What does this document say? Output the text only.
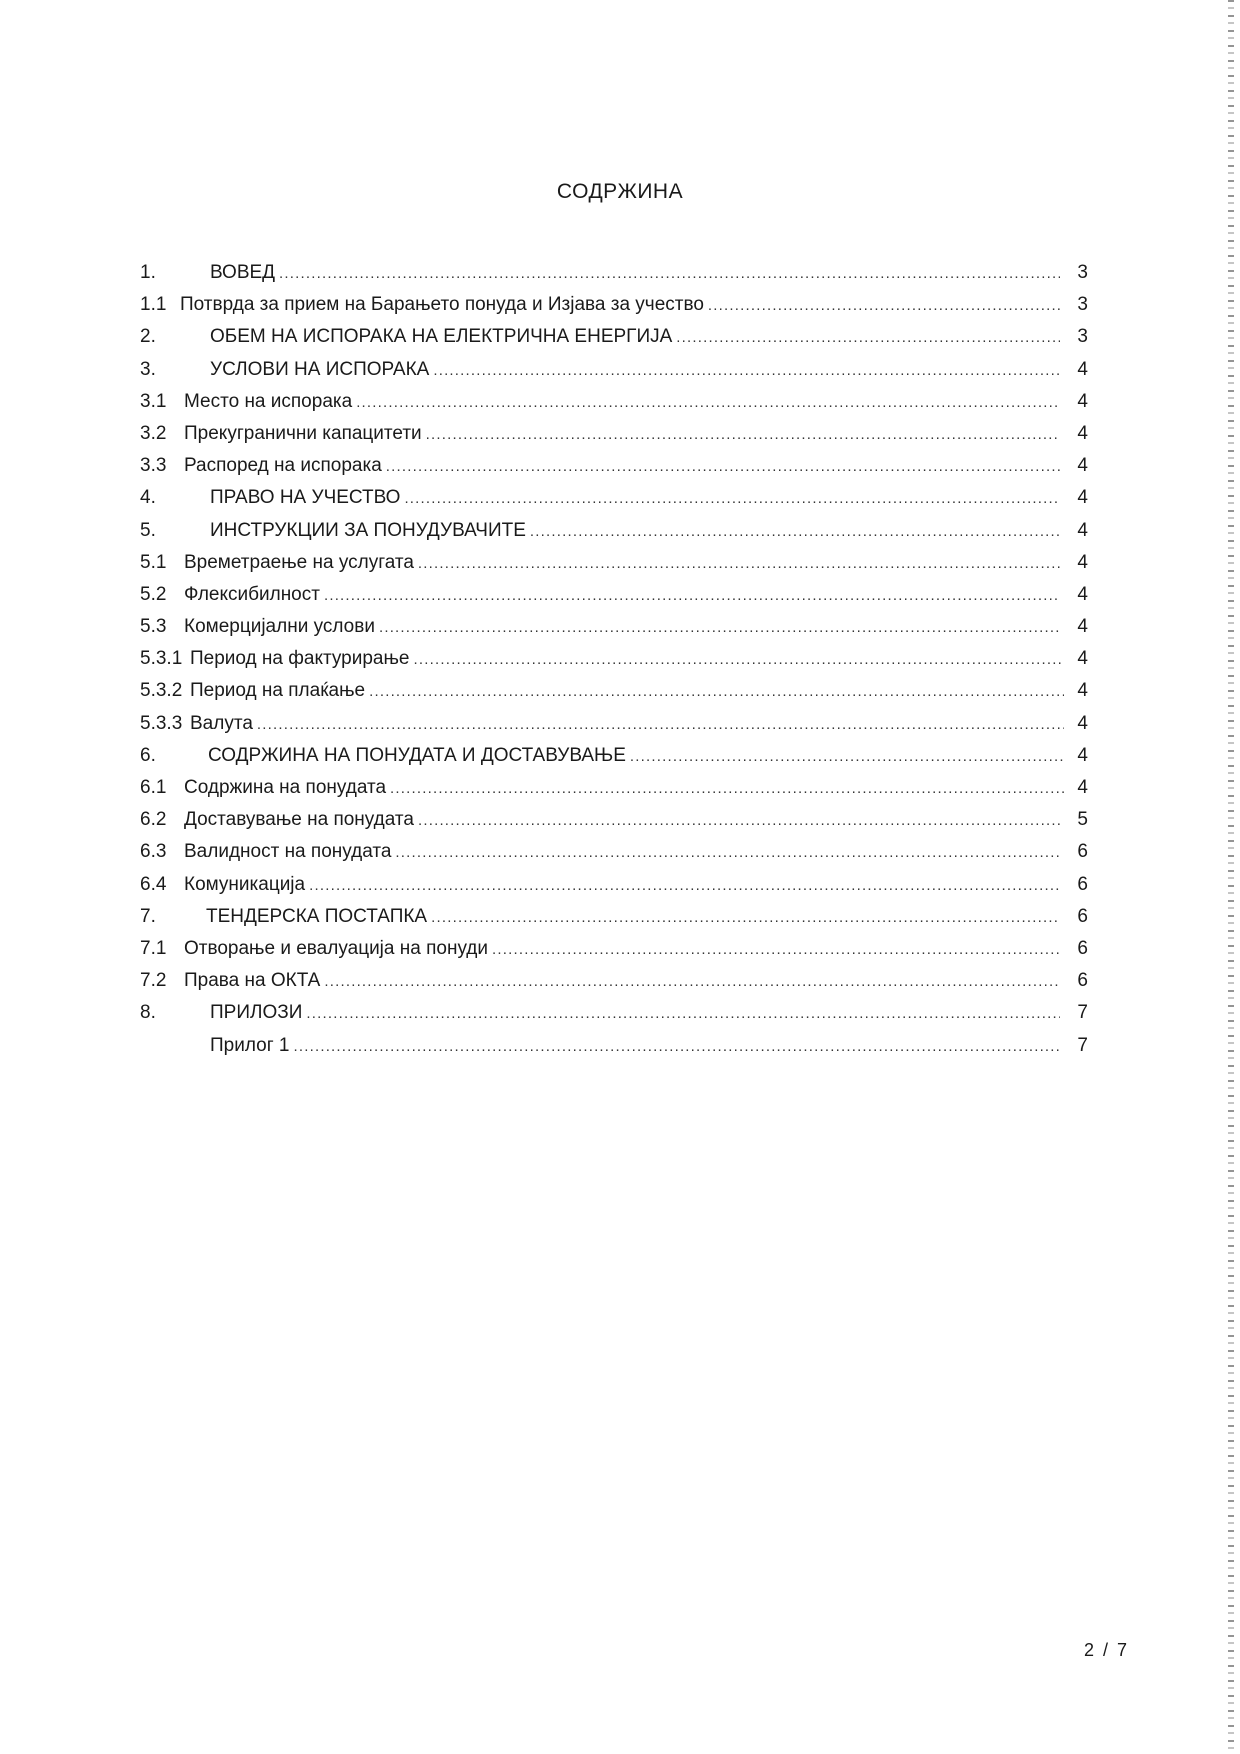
СОДРЖИНА
1.	ВОВЕД .....	3
1.1 Потврда за прием на Барањето понуда и Изјава за учество .....	3
2.	ОБЕМ НА ИСПОРАКА НА ЕЛЕКТРИЧНА ЕНЕРГИЈА .....	3
3.	УСЛОВИ НА ИСПОРАКА .....	4
3.1 Место на испорака .....	4
3.2 Прекугранични капацитети .....	4
3.3 Распоред на испорака .....	4
4.	ПРАВО НА УЧЕСТВО .....	4
5.	ИНСТРУКЦИИ ЗА ПОНУДУВАЧИТЕ .....	4
5.1 Времетраење на услугата .....	4
5.2 Флексибилност .....	4
5.3 Комерцијални услови .....	4
5.3.1 Период на фактурирање .....	4
5.3.2 Период на плаќање .....	4
5.3.3 Валута .....	4
6.	СОДРЖИНА НА ПОНУДАТА И ДОСТАВУВАЊЕ .....	4
6.1 Содржина на понудата .....	4
6.2 Доставување на понудата .....	5
6.3 Валидност на понудата .....	6
6.4 Комуникација .....	6
7.	ТЕНДЕРСКА ПОСТАПКА .....	6
7.1 Отворање и евалуација на понуди .....	6
7.2 Права на ОКТА .....	6
8.	ПРИЛОЗИ .....	7
Прилог 1 .....	7
2 / 7
